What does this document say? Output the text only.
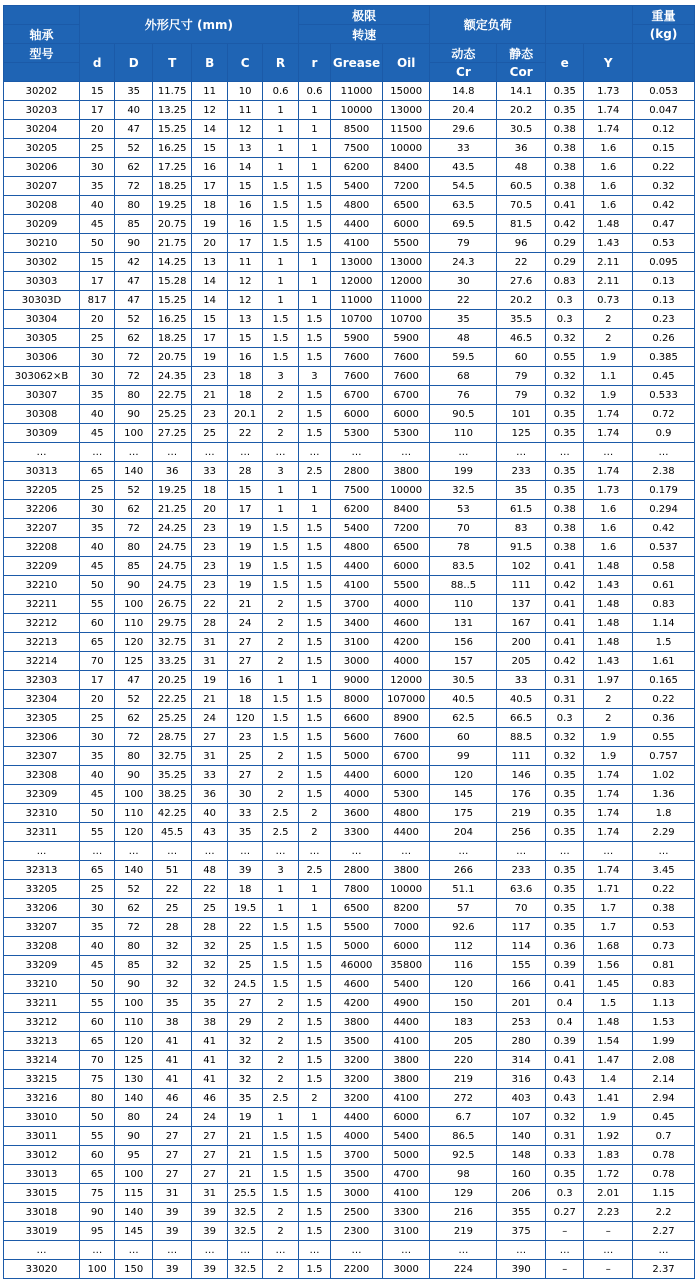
	外形尺寸 (mm)						极限			额定负荷				重量
轴承							转速							(kg)
型号	d	D	T	B	C	R	r	Grease	Oil	动态	静态	e	Y	
										Cr	Cor			
30202	15	35	11.75	11	10	0.6	0.6	11000	15000	14.8	14.1	0.35	1.73	0.053
30203	17	40	13.25	12	11	1	1	10000	13000	20.4	20.2	0.35	1.74	0.047
30204	20	47	15.25	14	12	1	1	8500	11500	29.6	30.5	0.38	1.74	0.12
30205	25	52	16.25	15	13	1	1	7500	10000	33	36	0.38	1.6	0.15
30206	30	62	17.25	16	14	1	1	6200	8400	43.5	48	0.38	1.6	0.22
30207	35	72	18.25	17	15	1.5	1.5	5400	7200	54.5	60.5	0.38	1.6	0.32
30208	40	80	19.25	18	16	1.5	1.5	4800	6500	63.5	70.5	0.41	1.6	0.42
30209	45	85	20.75	19	16	1.5	1.5	4400	6000	69.5	81.5	0.42	1.48	0.47
30210	50	90	21.75	20	17	1.5	1.5	4100	5500	79	96	0.29	1.43	0.53
30302	15	42	14.25	13	11	1	1	13000	13000	24.3	22	0.29	2.11	0.095
30303	17	47	15.28	14	12	1	1	12000	12000	30	27.6	0.83	2.11	0.13
30303D	817	47	15.25	14	12	1	1	11000	11000	22	20.2	0.3	0.73	0.13
30304	20	52	16.25	15	13	1.5	1.5	10700	10700	35	35.5	0.3	2	0.23
30305	25	62	18.25	17	15	1.5	1.5	5900	5900	48	46.5	0.32	2	0.26
30306	30	72	20.75	19	16	1.5	1.5	7600	7600	59.5	60	0.55	1.9	0.385
303062×B	30	72	24.35	23	18	3	3	7600	7600	68	79	0.32	1.1	0.45
30307	35	80	22.75	21	18	2	1.5	6700	6700	76	79	0.32	1.9	0.533
30308	40	90	25.25	23	20.1	2	1.5	6000	6000	90.5	101	0.35	1.74	0.72
30309	45	100	27.25	25	22	2	1.5	5300	5300	110	125	0.35	1.74	0.9
…	…	…	…	…	…	…	…	…	…	…	…	…	…	…
30313	65	140	36	33	28	3	2.5	2800	3800	199	233	0.35	1.74	2.38
32205	25	52	19.25	18	15	1	1	7500	10000	32.5	35	0.35	1.73	0.179
32206	30	62	21.25	20	17	1	1	6200	8400	53	61.5	0.38	1.6	0.294
32207	35	72	24.25	23	19	1.5	1.5	5400	7200	70	83	0.38	1.6	0.42
32208	40	80	24.75	23	19	1.5	1.5	4800	6500	78	91.5	0.38	1.6	0.537
32209	45	85	24.75	23	19	1.5	1.5	4400	6000	83.5	102	0.41	1.48	0.58
32210	50	90	24.75	23	19	1.5	1.5	4100	5500	88..5	111	0.42	1.43	0.61
32211	55	100	26.75	22	21	2	1.5	3700	4000	110	137	0.41	1.48	0.83
32212	60	110	29.75	28	24	2	1.5	3400	4600	131	167	0.41	1.48	1.14
32213	65	120	32.75	31	27	2	1.5	3100	4200	156	200	0.41	1.48	1.5
32214	70	125	33.25	31	27	2	1.5	3000	4000	157	205	0.42	1.43	1.61
32303	17	47	20.25	19	16	1	1	9000	12000	30.5	33	0.31	1.97	0.165
32304	20	52	22.25	21	18	1.5	1.5	8000	107000	40.5	40.5	0.31	2	0.22
32305	25	62	25.25	24	120	1.5	1.5	6600	8900	62.5	66.5	0.3	2	0.36
32306	30	72	28.75	27	23	1.5	1.5	5600	7600	60	88.5	0.32	1.9	0.55
32307	35	80	32.75	31	25	2	1.5	5000	6700	99	111	0.32	1.9	0.757
32308	40	90	35.25	33	27	2	1.5	4400	6000	120	146	0.35	1.74	1.02
32309	45	100	38.25	36	30	2	1.5	4000	5300	145	176	0.35	1.74	1.36
32310	50	110	42.25	40	33	2.5	2	3600	4800	175	219	0.35	1.74	1.8
32311	55	120	45.5	43	35	2.5	2	3300	4400	204	256	0.35	1.74	2.29
...	…	…	…	…	…	…	…	…	…	…	…	…	…	…
32313	65	140	51	48	39	3	2.5	2800	3800	266	233	0.35	1.74	3.45
33205	25	52	22	22	18	1	1	7800	10000	51.1	63.6	0.35	1.71	0.22
33206	30	62	25	25	19.5	1	1	6500	8200	57	70	0.35	1.7	0.38
33207	35	72	28	28	22	1.5	1.5	5500	7000	92.6	117	0.35	1.7	0.53
33208	40	80	32	32	25	1.5	1.5	5000	6000	112	114	0.36	1.68	0.73
33209	45	85	32	32	25	1.5	1.5	46000	35800	116	155	0.39	1.56	0.81
33210	50	90	32	32	24.5	1.5	1.5	4600	5400	120	166	0.41	1.45	0.83
33211	55	100	35	35	27	2	1.5	4200	4900	150	201	0.4	1.5	1.13
33212	60	110	38	38	29	2	1.5	3800	4400	183	253	0.4	1.48	1.53
33213	65	120	41	41	32	2	1.5	3500	4100	205	280	0.39	1.54	1.99
33214	70	125	41	41	32	2	1.5	3200	3800	220	314	0.41	1.47	2.08
33215	75	130	41	41	32	2	1.5	3200	3800	219	316	0.43	1.4	2.14
33216	80	140	46	46	35	2.5	2	3200	4100	272	403	0.43	1.41	2.94
33010	50	80	24	24	19	1	1	4400	6000	6.7	107	0.32	1.9	0.45
33011	55	90	27	27	21	1.5	1.5	4000	5400	86.5	140	0.31	1.92	0.7
33012	60	95	27	27	21	1.5	1.5	3700	5000	92.5	148	0.33	1.83	0.78
33013	65	100	27	27	21	1.5	1.5	3500	4700	98	160	0.35	1.72	0.78
33015	75	115	31	31	25.5	1.5	1.5	3000	4100	129	206	0.3	2.01	1.15
33018	90	140	39	39	32.5	2	1.5	2500	3300	216	355	0.27	2.23	2.2
33019	95	145	39	39	32.5	2	1.5	2300	3100	219	375	–	–	2.27
…	…	…	…	…	…	…	…	…	…	…	…	…	…	…
33020	100	150	39	39	32.5	2	1.5	2200	3000	224	390	–	–	2.37
